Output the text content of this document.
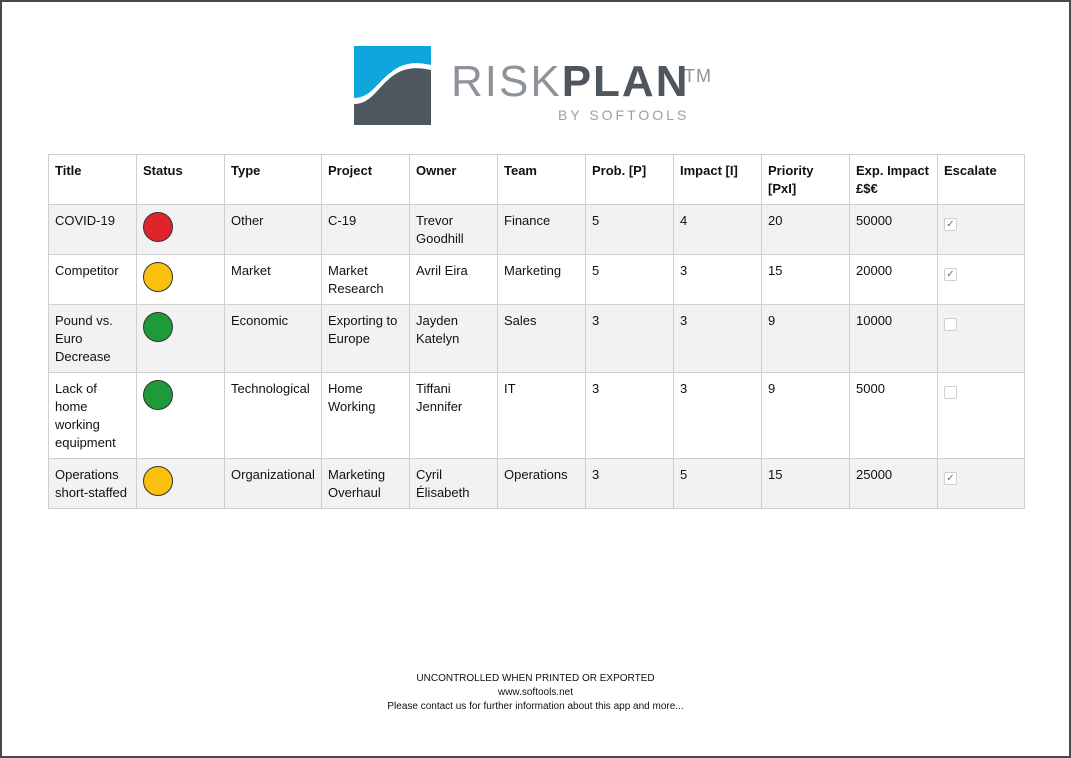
RISKPLAN
TM
BY SOFTOOLS
Title	Status	Type	Project	Owner	Team	Prob. [P]	Impact [I]	Priority [PxI]	Exp. Impact £$€	Escalate
COVID-19		Other	C-19	Trevor Goodhill	Finance	5	4	20	50000	✓
Competitor		Market	Market Research	Avril Eira	Marketing	5	3	15	20000	✓
Pound vs. Euro Decrease		Economic	Exporting to Europe	Jayden Katelyn	Sales	3	3	9	10000	
Lack of home working equipment		Technological	Home Working	Tiffani Jennifer	IT	3	3	9	5000	
Operations short-staffed		Organizational	Marketing Overhaul	Cyril Élisabeth	Operations	3	5	15	25000	✓
UNCONTROLLED WHEN PRINTED OR EXPORTED
www.softools.net
Please contact us for further information about this app and more...
